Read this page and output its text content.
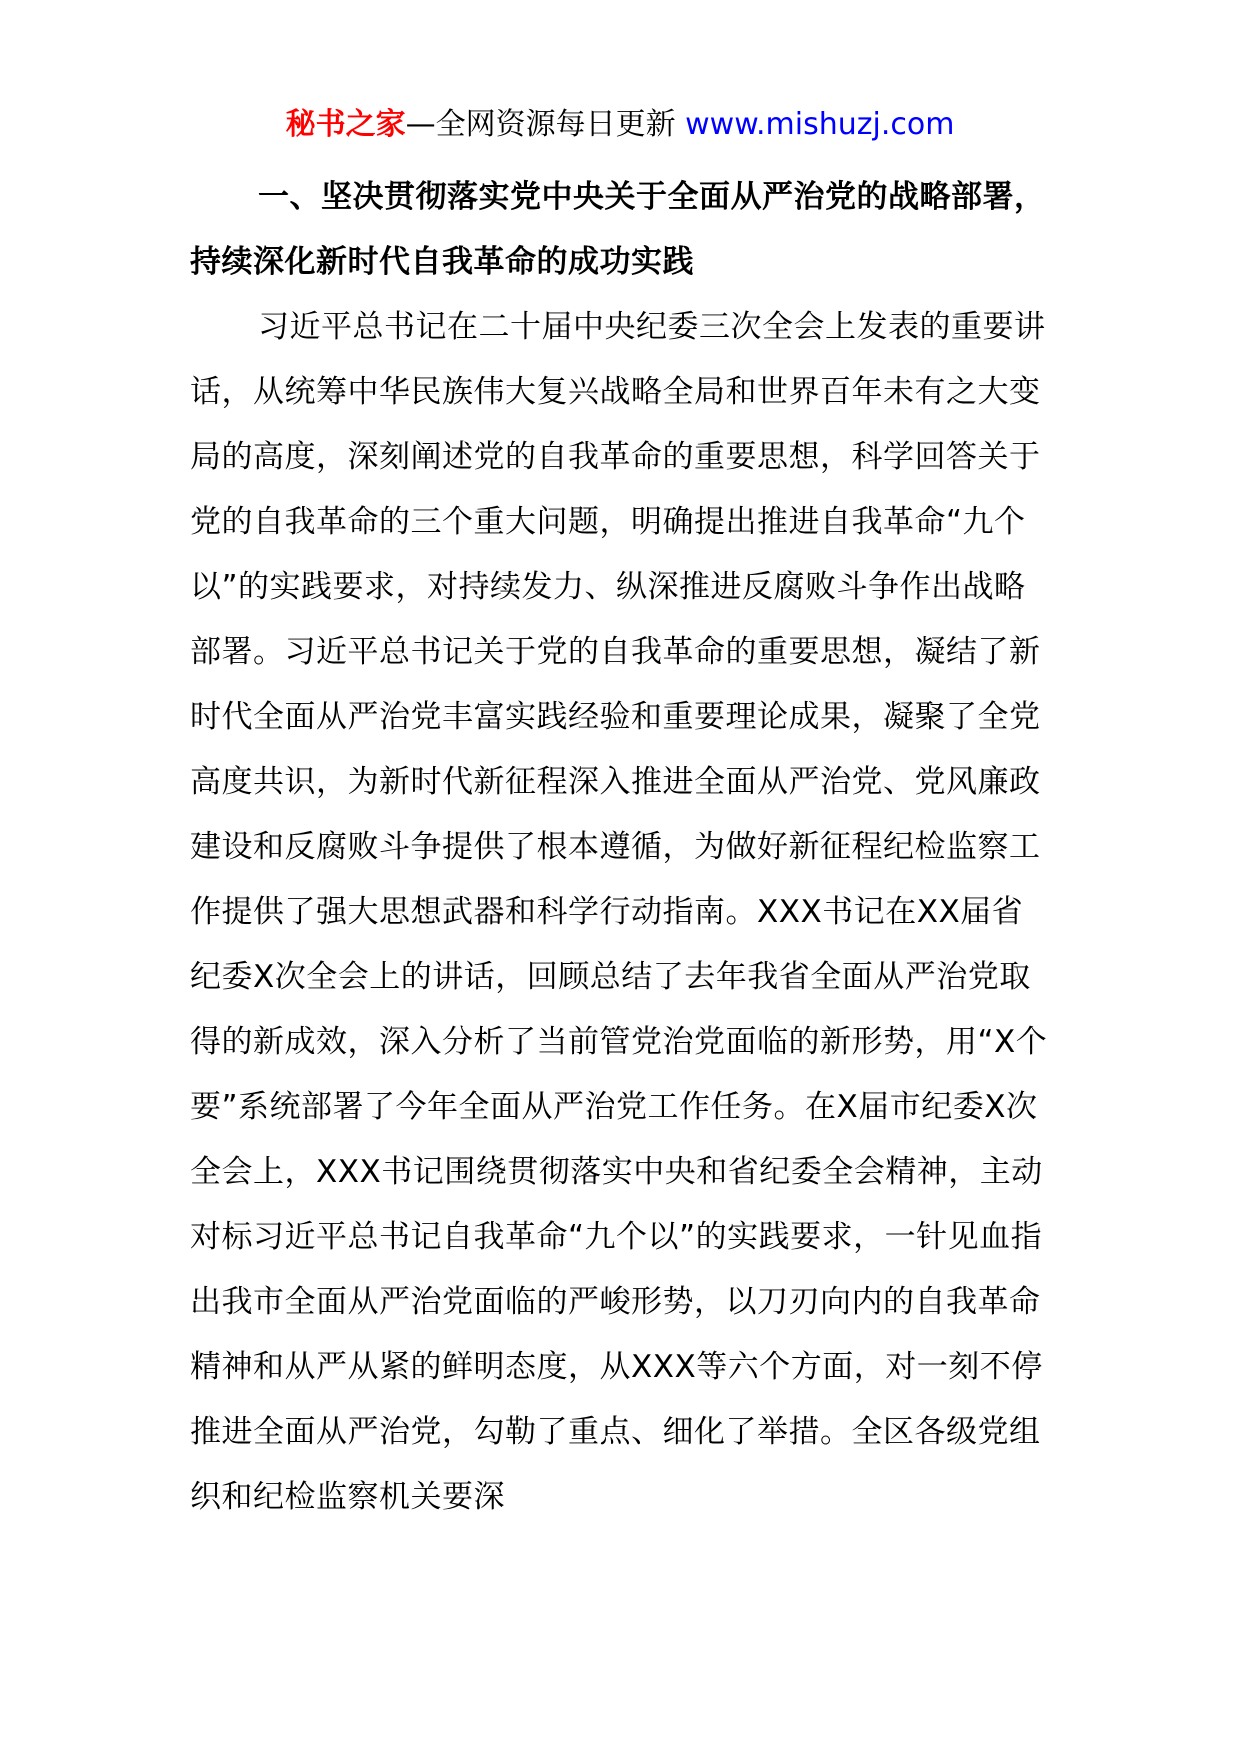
秘书之家—全网资源每日更新 www.mishuzj.com

一、坚决贯彻落实党中央关于全面从严治党的战略部署，持续深化新时代自我革命的成功实践

习近平总书记在二十届中央纪委三次全会上发表的重要讲话，从统筹中华民族伟大复兴战略全局和世界百年未有之大变局的高度，深刻阐述党的自我革命的重要思想，科学回答关于党的自我革命的三个重大问题，明确提出推进自我革命“九个以”的实践要求，对持续发力、纵深推进反腐败斗争作出战略部署。习近平总书记关于党的自我革命的重要思想，凝结了新时代全面从严治党丰富实践经验和重要理论成果，凝聚了全党高度共识，为新时代新征程深入推进全面从严治党、党风廉政建设和反腐败斗争提供了根本遵循，为做好新征程纪检监察工作提供了强大思想武器和科学行动指南。XXX书记在XX届省纪委X次全会上的讲话，回顾总结了去年我省全面从严治党取得的新成效，深入分析了当前管党治党面临的新形势，用“X个要”系统部署了今年全面从严治党工作任务。在X届市纪委X次全会上，XXX书记围绕贯彻落实中央和省纪委全会精神，主动对标习近平总书记自我革命“九个以”的实践要求，一针见血指出我市全面从严治党面临的严峻形势，以刀刃向内的自我革命精神和从严从紧的鲜明态度，从XXX等六个方面，对一刻不停推进全面从严治党，勾勒了重点、细化了举措。全区各级党组织和纪检监察机关要深
